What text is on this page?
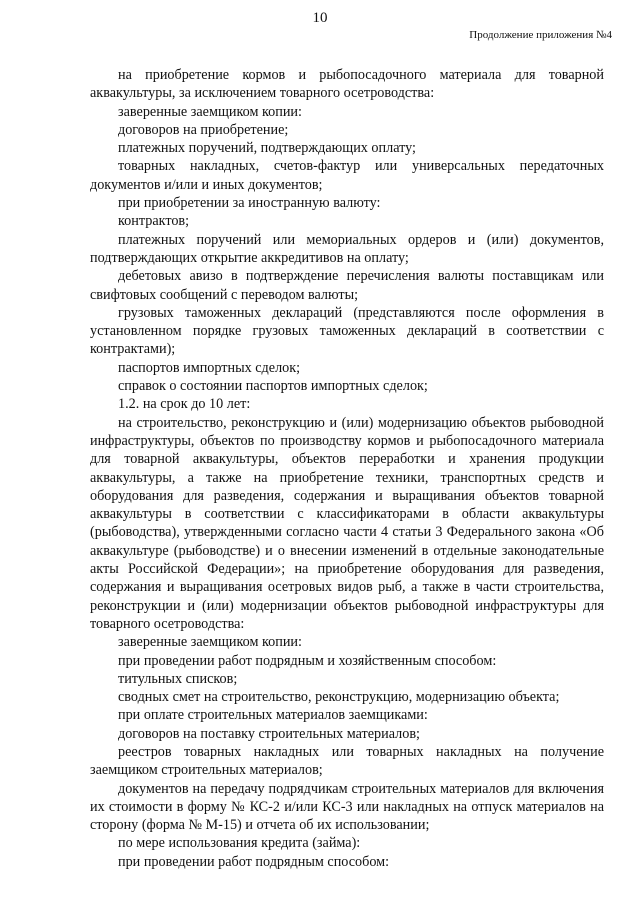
10
Продолжение приложения №4

на приобретение кормов и рыбопосадочного материала для товарной аквакультуры, за исключением товарного осетроводства:

заверенные заемщиком копии:

договоров на приобретение;

платежных поручений, подтверждающих оплату;

товарных накладных, счетов-фактур или универсальных передаточных документов и/или и иных документов;

при приобретении за иностранную валюту:

контрактов;

платежных поручений или мемориальных ордеров и (или) документов, подтверждающих открытие аккредитивов на оплату;

дебетовых авизо в подтверждение перечисления валюты поставщикам или свифтовых сообщений с переводом валюты;

грузовых таможенных деклараций (представляются после оформления в установленном порядке грузовых таможенных деклараций в соответствии с контрактами);

паспортов импортных сделок;

справок о состоянии паспортов импортных сделок;

1.2. на срок до 10 лет:

на строительство, реконструкцию и (или) модернизацию объектов рыбоводной инфраструктуры, объектов по производству кормов и рыбопосадочного материала для товарной аквакультуры, объектов переработки и хранения продукции аквакультуры, а также на приобретение техники, транспортных средств и оборудования для разведения, содержания и выращивания объектов товарной аквакультуры в соответствии с классификаторами в области аквакультуры (рыбоводства), утвержденными согласно части 4 статьи 3 Федерального закона «Об аквакультуре (рыбоводстве) и о внесении изменений в отдельные законодательные акты Российской Федерации»; на приобретение оборудования для разведения, содержания и выращивания осетровых видов рыб, а также в части строительства, реконструкции и (или) модернизации объектов рыбоводной инфраструктуры для товарного осетроводства:

заверенные заемщиком копии:

при проведении работ подрядным и хозяйственным способом:

титульных списков;

сводных смет на строительство, реконструкцию, модернизацию объекта;

при оплате строительных материалов заемщиками:

договоров на поставку строительных материалов;

реестров товарных накладных или товарных накладных на получение заемщиком строительных материалов;

документов на передачу подрядчикам строительных материалов для включения их стоимости в форму № КС-2 и/или КС-3 или накладных на отпуск материалов на сторону (форма № М-15) и отчета об их использовании;

по мере использования кредита (займа):

при проведении работ подрядным способом:
